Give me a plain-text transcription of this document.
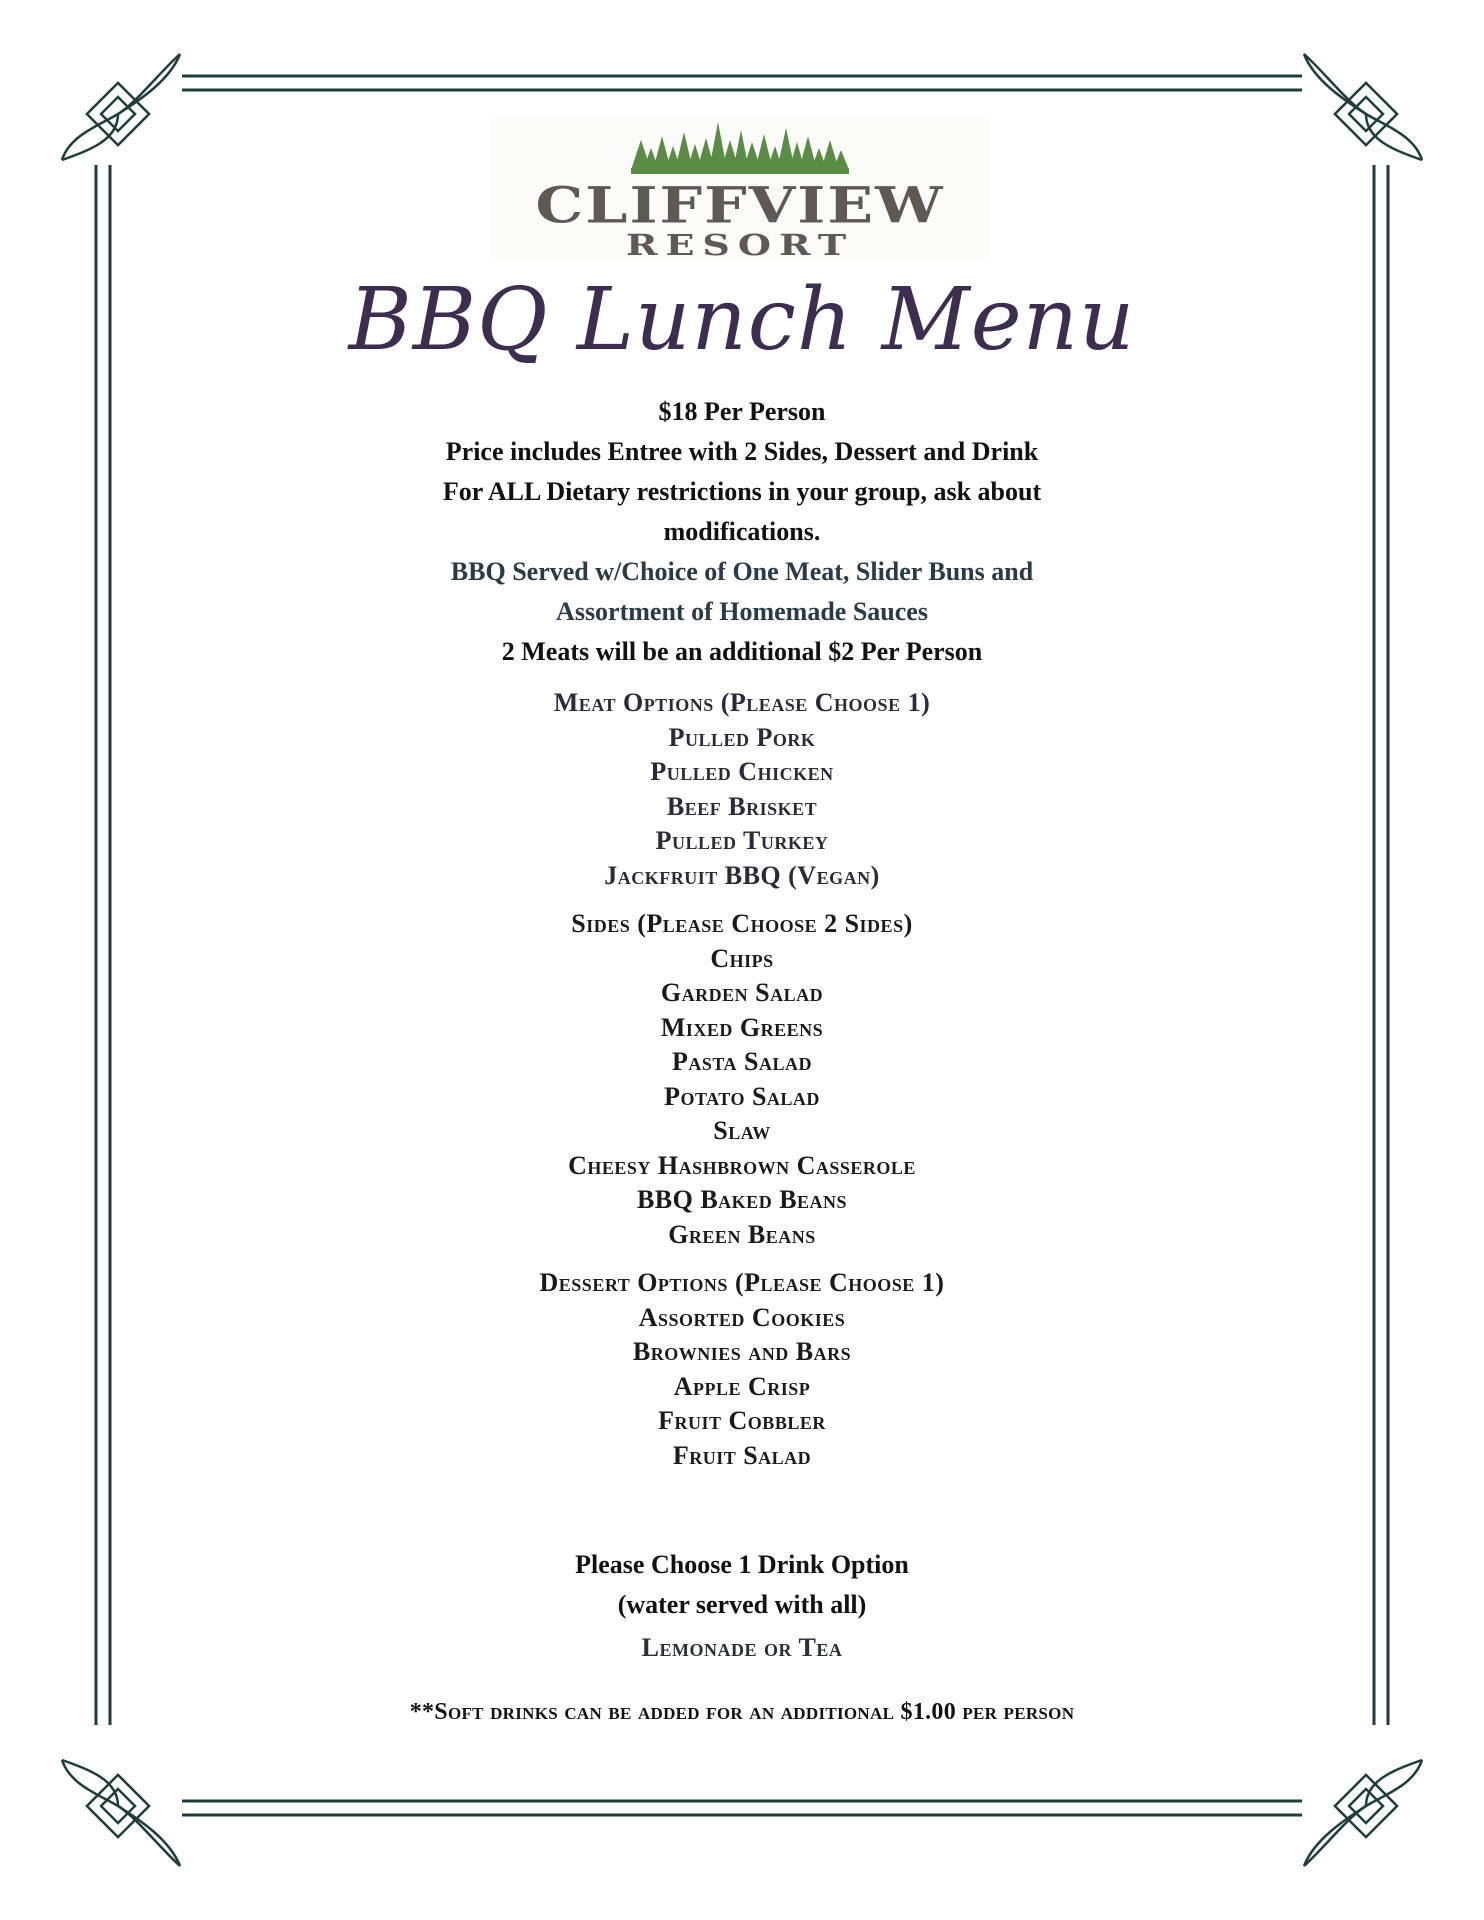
CLIFFVIEW
RESORT
BBQ Lunch Menu

$18 Per Person

Price includes Entree with 2 Sides, Dessert and Drink

For ALL Dietary restrictions in your group, ask about

modifications.

BBQ Served w/Choice of One Meat, Slider Buns and

Assortment of Homemade Sauces

2 Meats will be an additional $2 Per Person

Meat Options (Please Choose 1)
Pulled Pork
Pulled Chicken
Beef Brisket
Pulled Turkey
Jackfruit BBQ (Vegan)
Sides (Please Choose 2 Sides)
Chips
Garden Salad
Mixed Greens
Pasta Salad
Potato Salad
Slaw
Cheesy Hashbrown Casserole
BBQ Baked Beans
Green Beans
Dessert Options (Please Choose 1)
Assorted Cookies
Brownies and Bars
Apple Crisp
Fruit Cobbler
Fruit Salad
Please Choose 1 Drink Option
(water served with all)
Lemonade or Tea
**Soft drinks can be added for an additional $1.00 per person
